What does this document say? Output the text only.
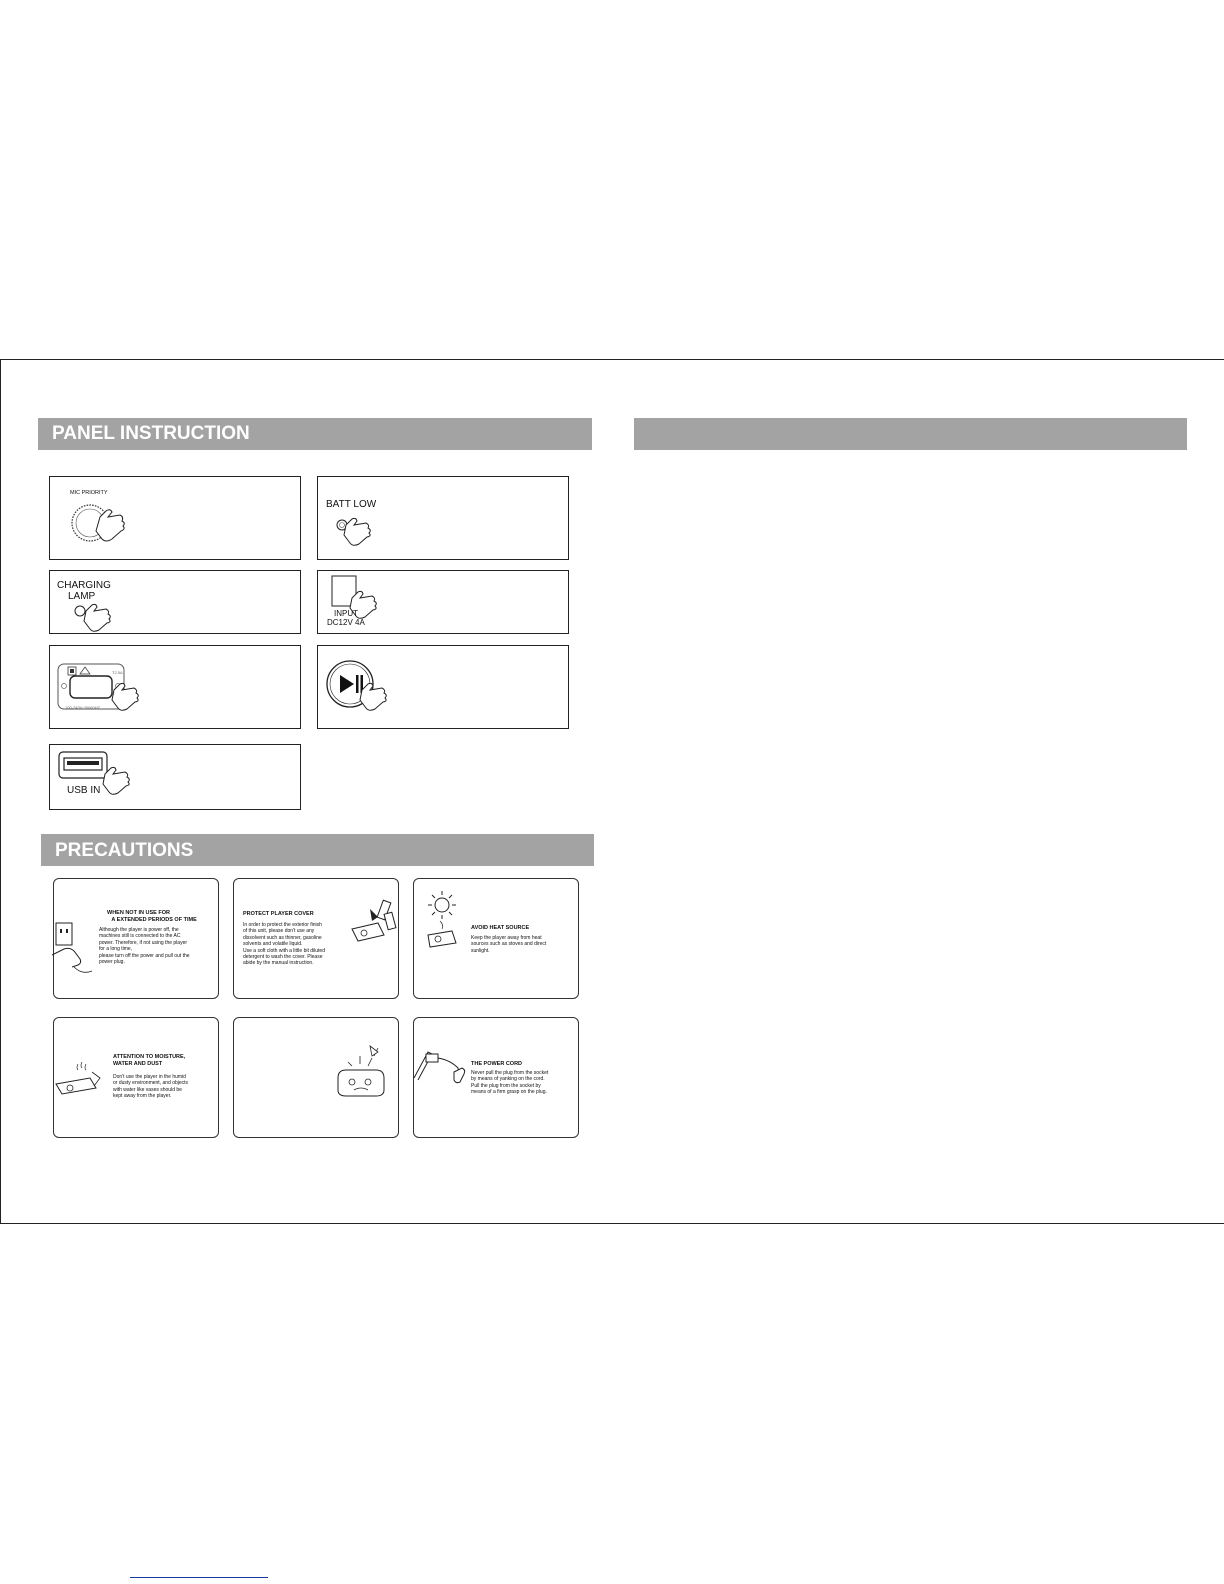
PANEL INSTRUCTION
MIC PRIORITY
BATT LOW
CHARGING
LAMP
INPUT
DC12V 4A
T2.5A
100-240V~50/60HZ
USB IN
PRECAUTIONS
WHEN NOT IN USE FOR
A EXTENDED PERIODS OF TIME
Although the player is power off, the
machines still is connected to the AC
power. Therefore, if not using the player
for a long time,
please turn off the power and pull out the
power plug.
PROTECT PLAYER COVER
In order to protect the exterior finish
of this unit, please don't use any
dissolvent such as thinner, gasoline
solvents and volatile liquid.
Use a soft cloth with a little bit diluted
detergent to wash the cover. Please
abide by the manual instruction.
AVOID HEAT SOURCE
Keep the player away from heat
sources such as stoves and direct
sunlight.
ATTENTION TO MOISTURE,
WATER AND DUST
Don't use the player in the humid
or dusty environment, and objects
with water like vases should be
kept away from the player.
THE POWER CORD
Never pull the plug from the socket
by means of yanking on the cord.
Pull the plug from the socket by
means of a firm grasp on the plug.
